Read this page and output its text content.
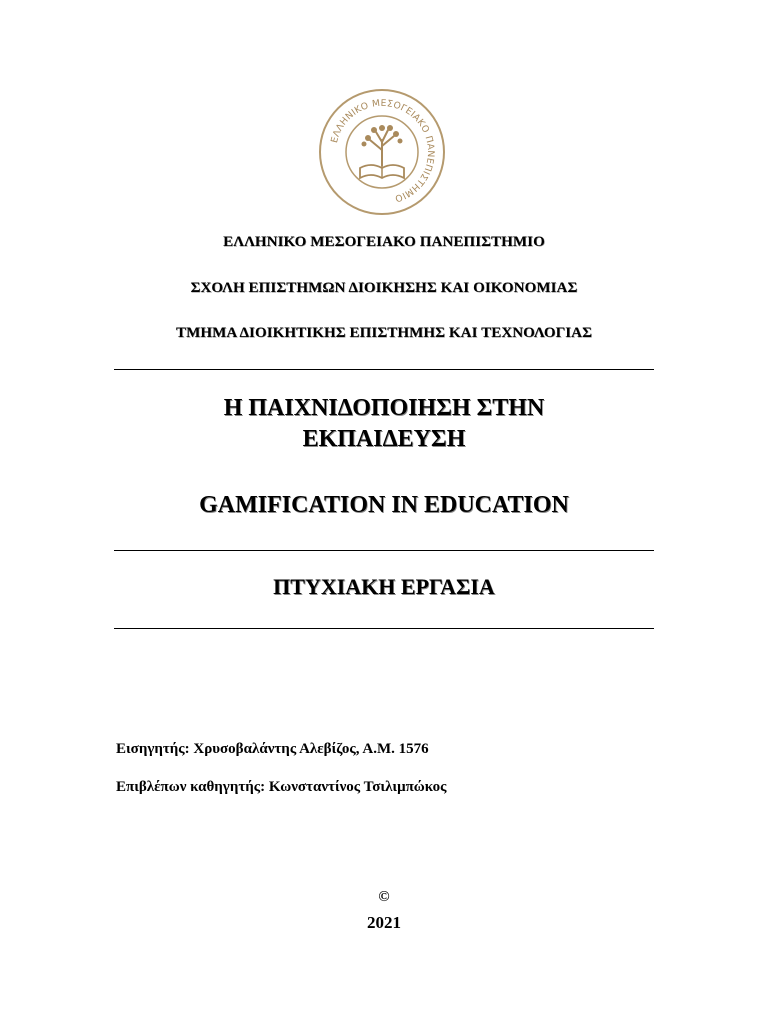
ΕΛΛΗΝΙΚΟ ΜΕΣΟΓΕΙΑΚΟ ΠΑΝΕΠΙΣΤΗΜΙΟ
ΕΛΛΗΝΙΚΟ ΜΕΣΟΓΕΙΑΚΟ ΠΑΝΕΠΙΣΤΗΜΙΟ
ΣΧΟΛΗ ΕΠΙΣΤΗΜΩΝ ΔΙΟΙΚΗΣΗΣ ΚΑΙ ΟΙΚΟΝΟΜΙΑΣ
ΤΜΗΜΑ ΔΙΟΙΚΗΤΙΚΗΣ ΕΠΙΣΤΗΜΗΣ ΚΑΙ ΤΕΧΝΟΛΟΓΙΑΣ
Η ΠΑΙΧΝΙΔΟΠΟΙΗΣΗ ΣΤΗΝ
ΕΚΠΑΙΔΕΥΣΗ
GAMIFICATION IN EDUCATION
ΠΤΥΧΙΑΚΗ ΕΡΓΑΣΙΑ
Εισηγητής: Χρυσοβαλάντης Αλεβίζος, Α.Μ. 1576
Επιβλέπων καθηγητής: Κωνσταντίνος Τσιλιμπώκος
©
2021
